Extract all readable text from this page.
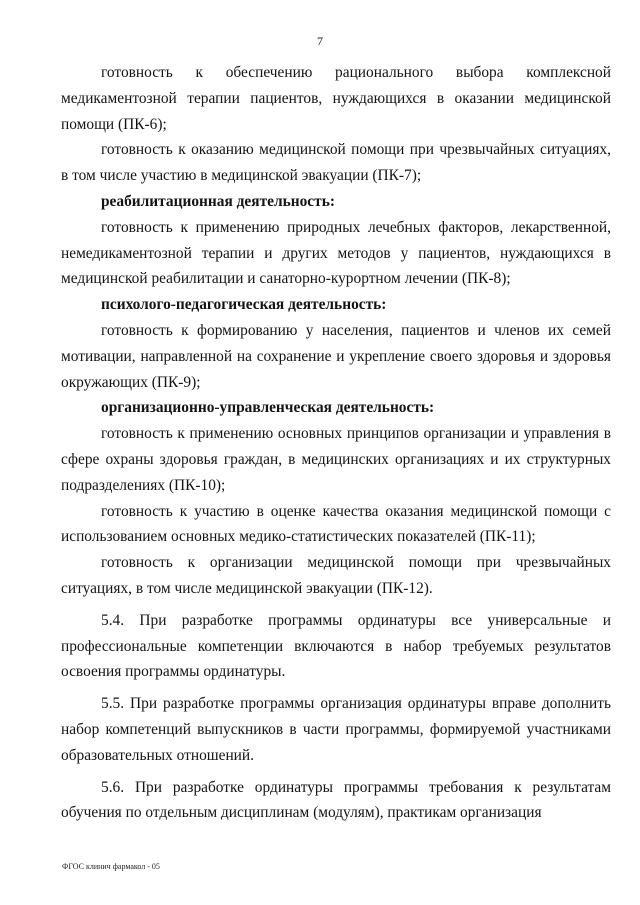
7

готовность к обеспечению рационального выбора комплексной медикаментозной терапии пациентов, нуждающихся в оказании медицинской помощи (ПК-6);

готовность к оказанию медицинской помощи при чрезвычайных ситуациях, в том числе участию в медицинской эвакуации (ПК-7);

реабилитационная деятельность:

готовность к применению природных лечебных факторов, лекарственной, немедикаментозной терапии и других методов у пациентов, нуждающихся в медицинской реабилитации и санаторно-курортном лечении (ПК-8);

психолого-педагогическая деятельность:

готовность к формированию у населения, пациентов и членов их семей мотивации, направленной на сохранение и укрепление своего здоровья и здоровья окружающих (ПК-9);

организационно-управленческая деятельность:

готовность к применению основных принципов организации и управления в сфере охраны здоровья граждан, в медицинских организациях и их структурных подразделениях (ПК-10);

готовность к участию в оценке качества оказания медицинской помощи с использованием основных медико-статистических показателей (ПК-11);

готовность к организации медицинской помощи при чрезвычайных ситуациях, в том числе медицинской эвакуации (ПК-12).

5.4. При разработке программы ординатуры все универсальные и профессиональные компетенции включаются в набор требуемых результатов освоения программы ординатуры.

5.5. При разработке программы организация ординатуры вправе дополнить набор компетенций выпускников в части программы, формируемой участниками образовательных отношений.

5.6. При разработке ординатуры программы требования к результатам обучения по отдельным дисциплинам (модулям), практикам организация

ФГОС клинич фармакол - 05
